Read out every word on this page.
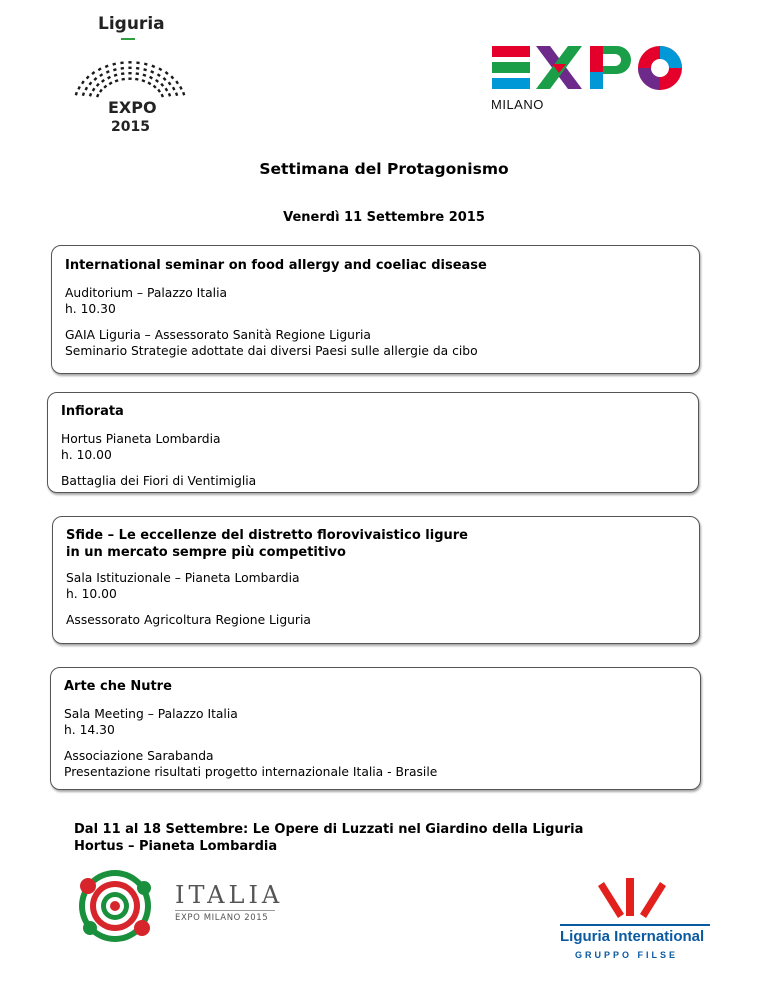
Liguria
EXPO
2015
MILANO
Settimana del Protagonismo
Venerdì 11 Settembre 2015
International seminar on food allergy and coeliac disease
Auditorium – Palazzo Italia
h. 10.30
GAIA Liguria – Assessorato Sanità Regione Liguria
Seminario Strategie adottate dai diversi Paesi sulle allergie da cibo
Infiorata
Hortus Pianeta Lombardia
h. 10.00
Battaglia dei Fiori di Ventimiglia
Sfide – Le eccellenze del distretto florovivaistico ligure
in un mercato sempre più competitivo
Sala Istituzionale – Pianeta Lombardia
h. 10.00
Assessorato Agricoltura Regione Liguria
Arte che Nutre
Sala Meeting – Palazzo Italia
h. 14.30
Associazione Sarabanda
Presentazione risultati progetto internazionale Italia - Brasile
Dal 11 al 18 Settembre: Le Opere di Luzzati nel Giardino della Liguria
Hortus – Pianeta Lombardia
ITALIA
EXPO MILANO 2015
Liguria International
GRUPPO FILSE
